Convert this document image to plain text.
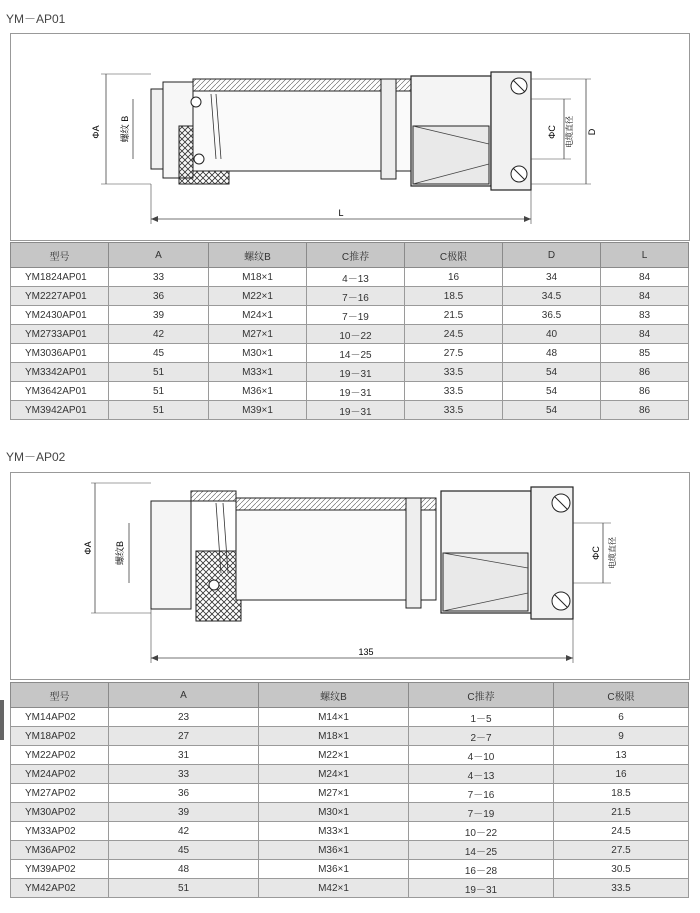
YM－AP01
ΦA 螺纹 B	ΦC 电缆直径 D
L
型号	A	螺纹B	C推荐	C极限	D	L
YM1824AP01	33	M18×1	4－13	16	34	84
YM2227AP01	36	M22×1	7－16	18.5	34.5	84
YM2430AP01	39	M24×1	7－19	21.5	36.5	83
YM2733AP01	42	M27×1	10－22	24.5	40	84
YM3036AP01	45	M30×1	14－25	27.5	48	85
YM3342AP01	51	M33×1	19－31	33.5	54	86
YM3642AP01	51	M36×1	19－31	33.5	54	86
YM3942AP01	51	M39×1	19－31	33.5	54	86
YM－AP02
ΦA 螺纹B	ΦC 电缆直径
135
型号	A	螺纹B	C推荐	C极限
YM14AP02	23	M14×1	1－5	6
YM18AP02	27	M18×1	2－7	9
YM22AP02	31	M22×1	4－10	13
YM24AP02	33	M24×1	4－13	16
YM27AP02	36	M27×1	7－16	18.5
YM30AP02	39	M30×1	7－19	21.5
YM33AP02	42	M33×1	10－22	24.5
YM36AP02	45	M36×1	14－25	27.5
YM39AP02	48	M36×1	16－28	30.5
YM42AP02	51	M42×1	19－31	33.5
